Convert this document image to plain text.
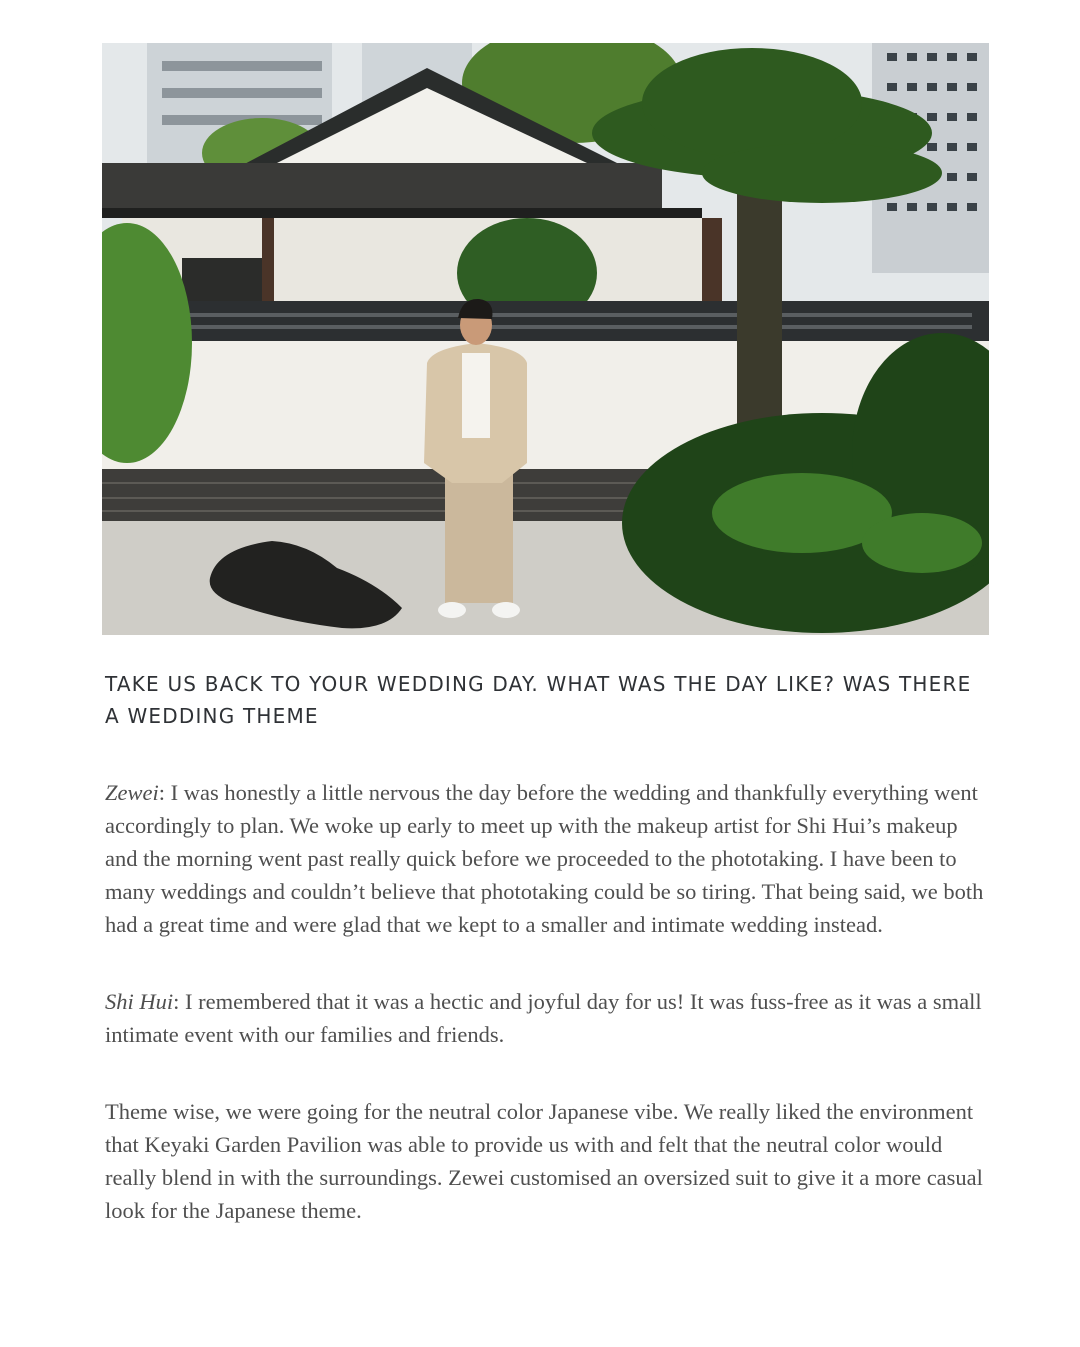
TAKE US BACK TO YOUR WEDDING DAY. WHAT WAS THE DAY LIKE? WAS THERE A WEDDING THEME

Zewei: I was honestly a little nervous the day before the wedding and thankfully everything went accordingly to plan. We woke up early to meet up with the makeup artist for Shi Hui’s makeup and the morning went past really quick before we proceeded to the phototaking. I have been to many weddings and couldn’t believe that phototaking could be so tiring. That being said, we both had a great time and were glad that we kept to a smaller and intimate wedding instead.

Shi Hui: I remembered that it was a hectic and joyful day for us! It was fuss-free as it was a small intimate event with our families and friends.

Theme wise, we were going for the neutral color Japanese vibe. We really liked the environment that Keyaki Garden Pavilion was able to provide us with and felt that the neutral color would really blend in with the surroundings. Zewei customised an oversized suit to give it a more casual look for the Japanese theme.
